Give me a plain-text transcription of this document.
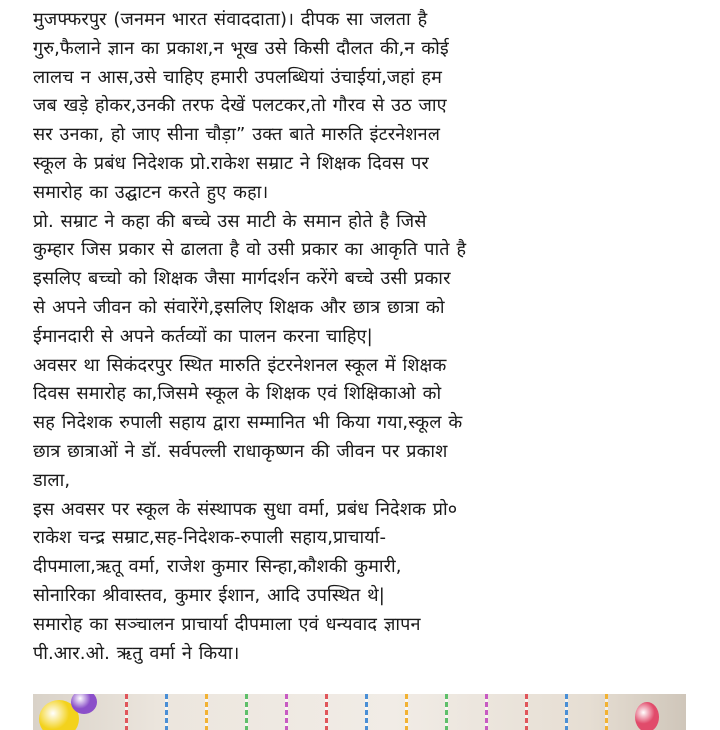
मुजफ्फरपुर (जनमन भारत संवाददाता)। दीपक सा जलता है
गुरु,फैलाने ज्ञान का प्रकाश,न भूख उसे किसी दौलत की,न कोई
लालच न आस,उसे चाहिए हमारी उपलब्धियां उंचाईयां,जहां हम
जब खड़े होकर,उनकी तरफ देखें पलटकर,तो गौरव से उठ जाए
सर उनका, हो जाए सीना चौड़ा” उक्त बाते मारुति इंटरनेशनल
स्कूल के प्रबंध निदेशक प्रो.राकेश सम्राट ने शिक्षक दिवस पर
समारोह का उद्घाटन करते हुए कहा।
प्रो. सम्राट ने कहा की बच्चे उस माटी के समान होते है जिसे
कुम्हार जिस प्रकार से ढालता है वो उसी प्रकार का आकृति पाते है
इसलिए बच्चो को शिक्षक जैसा मार्गदर्शन करेंगे बच्चे उसी प्रकार
से अपने जीवन को संवारेंगे,इसलिए शिक्षक और छात्र छात्रा को
ईमानदारी से अपने कर्तव्यों का पालन करना चाहिए|
अवसर था सिकंदरपुर स्थित मारुति इंटरनेशनल स्कूल में शिक्षक
दिवस समारोह का,जिसमे स्कूल के शिक्षक एवं शिक्षिकाओ को
सह निदेशक रुपाली सहाय द्वारा सम्मानित भी किया गया,स्कूल के
छात्र छात्राओं ने डॉ. सर्वपल्ली राधाकृष्णन की जीवन पर प्रकाश
डाला,
इस अवसर पर स्कूल के संस्थापक सुधा वर्मा, प्रबंध निदेशक प्रो०
राकेश चन्द्र सम्राट,सह-निदेशक-रुपाली सहाय,प्राचार्या-
दीपमाला,ऋतू वर्मा, राजेश कुमार सिन्हा,कौशकी कुमारी,
सोनारिका श्रीवास्तव, कुमार ईशान, आदि उपस्थित थे|
समारोह का सञ्चालन प्राचार्या दीपमाला एवं धन्यवाद ज्ञापन
पी.आर.ओ. ऋतु वर्मा ने किया।
